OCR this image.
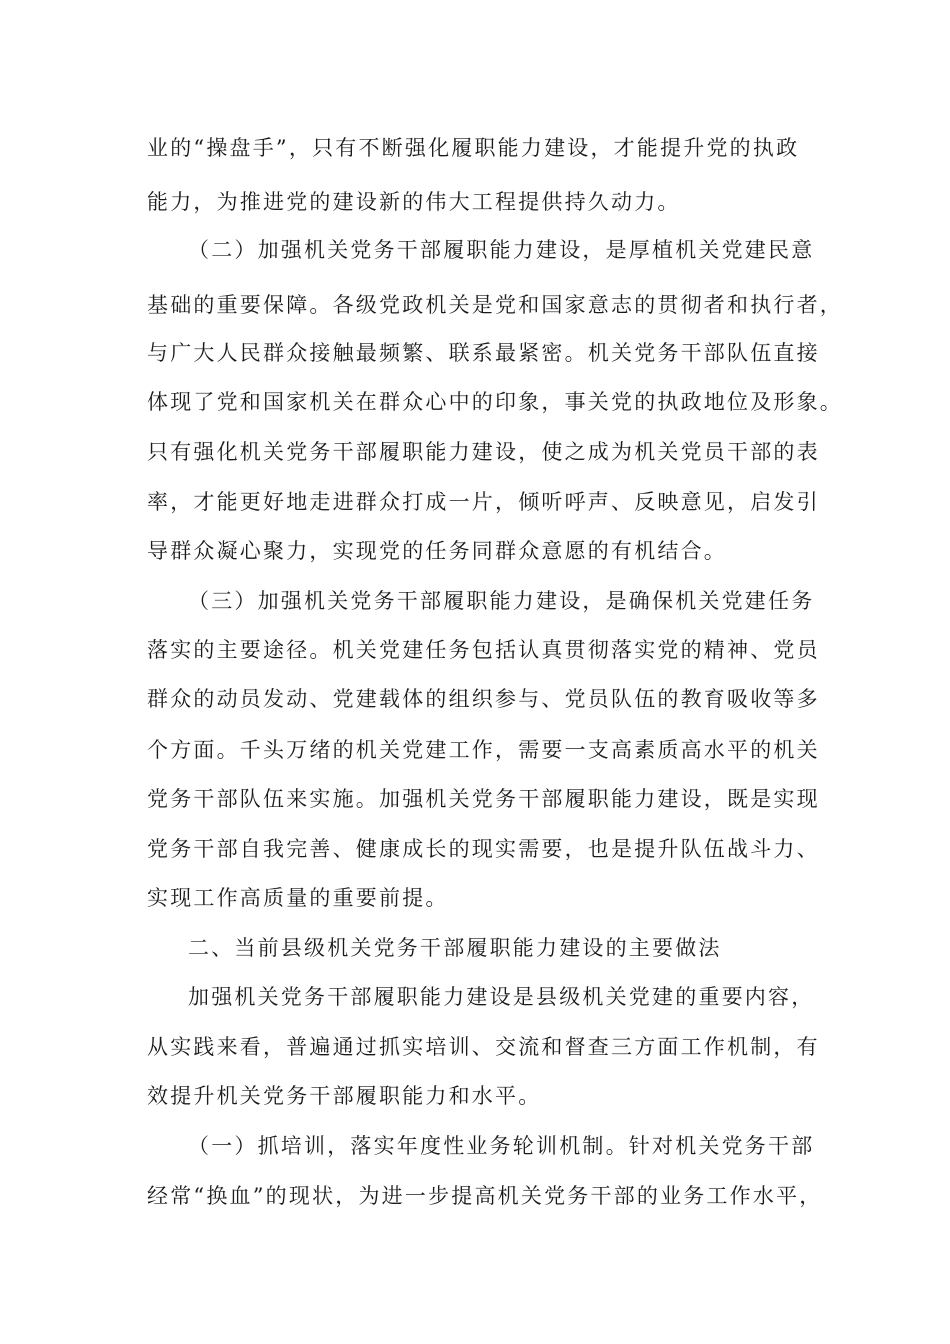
业的“操盘手”，只有不断强化履职能力建设，才能提升党的执政
能力，为推进党的建设新的伟大工程提供持久动力。
（二）加强机关党务干部履职能力建设，是厚植机关党建民意
基础的重要保障。各级党政机关是党和国家意志的贯彻者和执行者，
与广大人民群众接触最频繁、联系最紧密。机关党务干部队伍直接
体现了党和国家机关在群众心中的印象，事关党的执政地位及形象。
只有强化机关党务干部履职能力建设，使之成为机关党员干部的表
率，才能更好地走进群众打成一片，倾听呼声、反映意见，启发引
导群众凝心聚力，实现党的任务同群众意愿的有机结合。
（三）加强机关党务干部履职能力建设，是确保机关党建任务
落实的主要途径。机关党建任务包括认真贯彻落实党的精神、党员
群众的动员发动、党建载体的组织参与、党员队伍的教育吸收等多
个方面。千头万绪的机关党建工作，需要一支高素质高水平的机关
党务干部队伍来实施。加强机关党务干部履职能力建设，既是实现
党务干部自我完善、健康成长的现实需要，也是提升队伍战斗力、
实现工作高质量的重要前提。
二、当前县级机关党务干部履职能力建设的主要做法
加强机关党务干部履职能力建设是县级机关党建的重要内容，
从实践来看，普遍通过抓实培训、交流和督查三方面工作机制，有
效提升机关党务干部履职能力和水平。
（一）抓培训，落实年度性业务轮训机制。针对机关党务干部
经常“换血”的现状，为进一步提高机关党务干部的业务工作水平，
